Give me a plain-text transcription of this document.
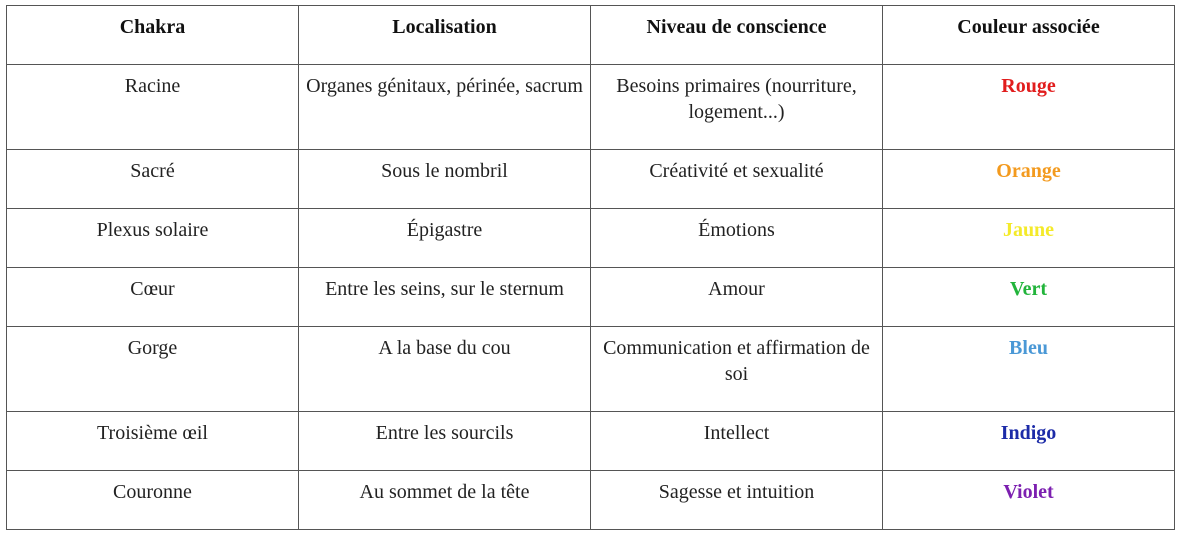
Chakra	Localisation	Niveau de conscience	Couleur associée
Racine	Organes génitaux, périnée, sacrum	Besoins primaires (nourriture, logement...)	Rouge
Sacré	Sous le nombril	Créativité et sexualité	Orange
Plexus solaire	Épigastre	Émotions	Jaune
Cœur	Entre les seins, sur le sternum	Amour	Vert
Gorge	A la base du cou	Communication et affirmation de soi	Bleu
Troisième œil	Entre les sourcils	Intellect	Indigo
Couronne	Au sommet de la tête	Sagesse et intuition	Violet
